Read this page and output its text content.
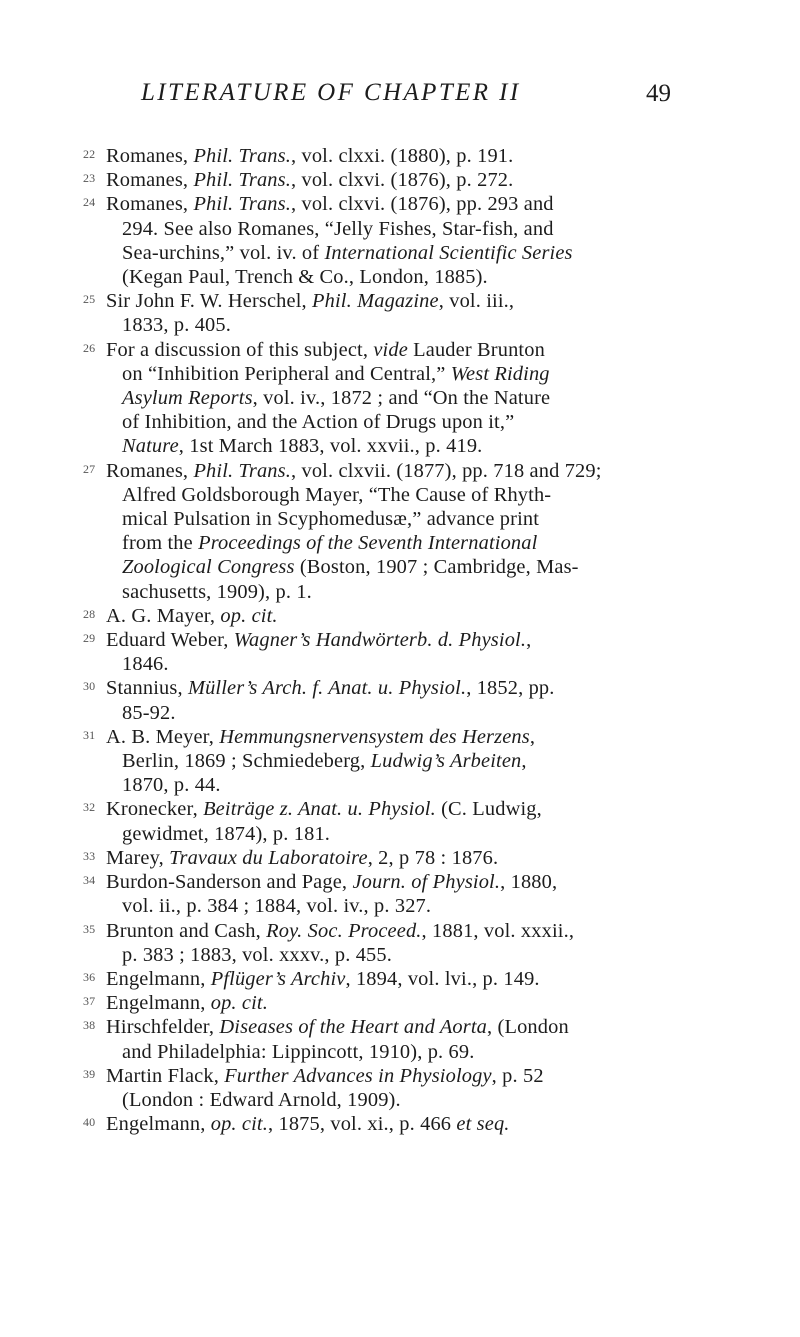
LITERATURE OF CHAPTER II	49
22 Romanes, Phil. Trans., vol. clxxi. (1880), p. 191.
23 Romanes, Phil. Trans., vol. clxvi. (1876), p. 272.
24 Romanes, Phil. Trans., vol. clxvi. (1876), pp. 293 and
294. See also Romanes, “Jelly Fishes, Star-fish, and
Sea-urchins,” vol. iv. of International Scientific Series
(Kegan Paul, Trench & Co., London, 1885).
25 Sir John F. W. Herschel, Phil. Magazine, vol. iii.,
1833, p. 405.
26 For a discussion of this subject, vide Lauder Brunton
on “Inhibition Peripheral and Central,” West Riding
Asylum Reports, vol. iv., 1872 ; and “On the Nature
of Inhibition, and the Action of Drugs upon it,”
Nature, 1st March 1883, vol. xxvii., p. 419.
27 Romanes, Phil. Trans., vol. clxvii. (1877), pp. 718 and 729;
Alfred Goldsborough Mayer, “The Cause of Rhyth-
mical Pulsation in Scyphomedusæ,” advance print
from the Proceedings of the Seventh International
Zoological Congress (Boston, 1907 ; Cambridge, Mas-
sachusetts, 1909), p. 1.
28 A. G. Mayer, op. cit.
29 Eduard Weber, Wagner’s Handwörterb. d. Physiol.,
1846.
30 Stannius, Müller’s Arch. f. Anat. u. Physiol., 1852, pp.
85-92.
31 A. B. Meyer, Hemmungsnervensystem des Herzens,
Berlin, 1869 ; Schmiedeberg, Ludwig’s Arbeiten,
1870, p. 44.
32 Kronecker, Beiträge z. Anat. u. Physiol. (C. Ludwig,
gewidmet, 1874), p. 181.
33 Marey, Travaux du Laboratoire, 2, p 78 : 1876.
34 Burdon-Sanderson and Page, Journ. of Physiol., 1880,
vol. ii., p. 384 ; 1884, vol. iv., p. 327.
35 Brunton and Cash, Roy. Soc. Proceed., 1881, vol. xxxii.,
p. 383 ; 1883, vol. xxxv., p. 455.
36 Engelmann, Pflüger’s Archiv, 1894, vol. lvi., p. 149.
37 Engelmann, op. cit.
38 Hirschfelder, Diseases of the Heart and Aorta, (London
and Philadelphia: Lippincott, 1910), p. 69.
39 Martin Flack, Further Advances in Physiology, p. 52
(London : Edward Arnold, 1909).
40 Engelmann, op. cit., 1875, vol. xi., p. 466 et seq.
